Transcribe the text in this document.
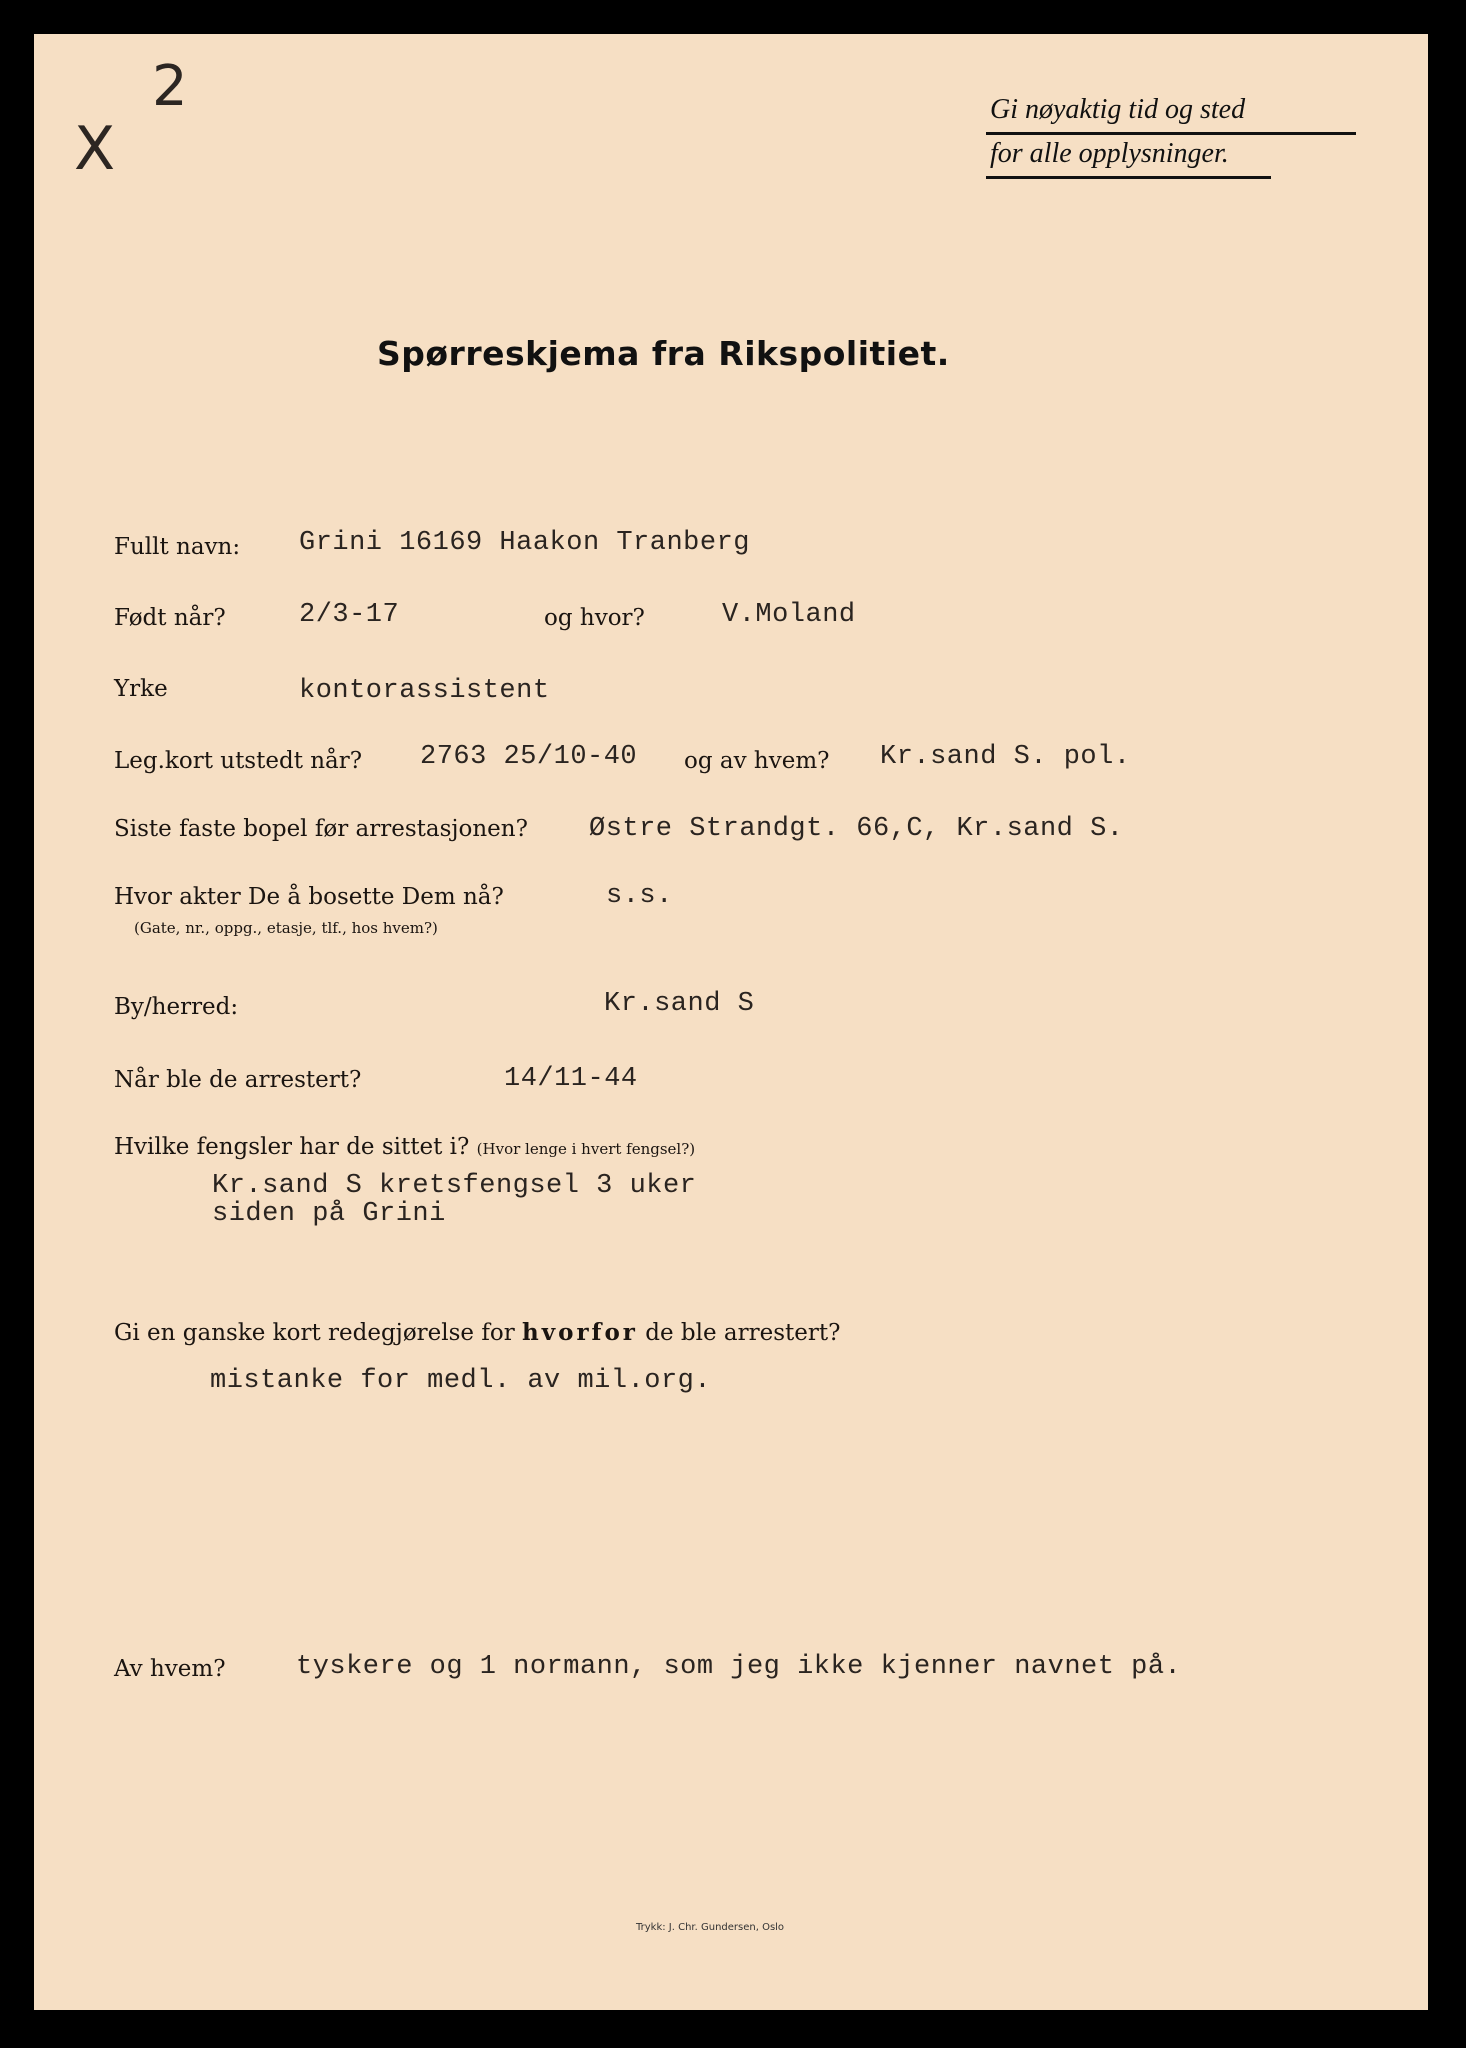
X
2	Gi nøyaktig tid og sted
for alle opplysninger.
Spørreskjema fra Rikspolitiet.
Fullt navn: Grini 16169 Haakon Tranberg
Født når?	2/3-17	og hvor?	V.Moland
Yrke	kontorassistent
Leg.kort utstedt når? 2763 25/10-40 og av hvem? Kr.sand S. pol.
Siste faste bopel før arrestasjonen? Østre Strandgt. 66,C, Kr.sand S.
Hvor akter De å bosette Dem nå?
(Gate, nr., oppg., etasje, tlf., hos hvem?)
s.s.
By/herred:	Kr.sand S
Når ble de arrestert?	14/11-44
Hvilke fengsler har de sittet i? (Hvor lenge i hvert fengsel?)
Kr.sand S kretsfengsel 3 uker
siden på Grini
Gi en ganske kort redegjørelse for hvorfor de ble arrestert?
mistanke for medl. av mil.org.
Av hvem?	tyskere og 1 normann, som jeg ikke kjenner navnet på.
Trykk: J. Chr. Gundersen, Oslo
